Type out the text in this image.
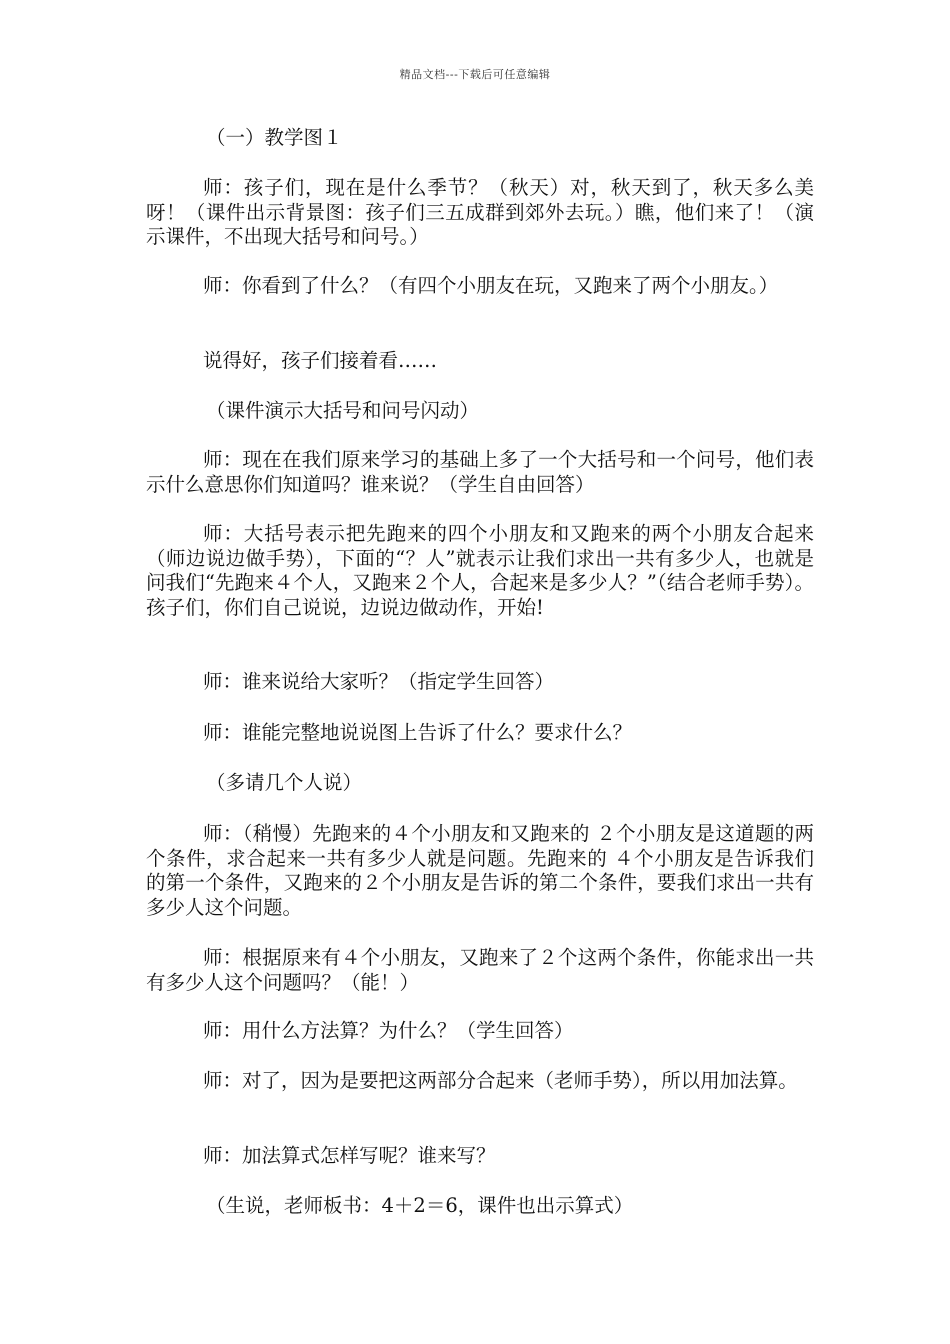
精品文档---下载后可任意编辑

（一）教学图１

师：孩子们，现在是什么季节？（秋天）对，秋天到了，秋天多么美呀！（课件出示背景图：孩子们三五成群到郊外去玩。）瞧，他们来了！（演示课件，不出现大括号和问号。）

师：你看到了什么？（有四个小朋友在玩，又跑来了两个小朋友。）

说得好，孩子们接着看……

（课件演示大括号和问号闪动）

师：现在在我们原来学习的基础上多了一个大括号和一个问号，他们表示什么意思你们知道吗？谁来说？（学生自由回答）

师：大括号表示把先跑来的四个小朋友和又跑来的两个小朋友合起来（师边说边做手势），下面的“？人”就表示让我们求出一共有多少人，也就是问我们“先跑来４个人，又跑来２个人，合起来是多少人？”（结合老师手势）。孩子们，你们自己说说，边说边做动作，开始!

师：谁来说给大家听？（指定学生回答）

师：谁能完整地说说图上告诉了什么？要求什么？

（多请几个人说）

师：（稍慢）先跑来的４个小朋友和又跑来的 ２个小朋友是这道题的两个条件，求合起来一共有多少人就是问题。先跑来的 ４个小朋友是告诉我们的第一个条件，又跑来的２个小朋友是告诉的第二个条件，要我们求出一共有多少人这个问题。

师：根据原来有４个小朋友，又跑来了２个这两个条件，你能求出一共有多少人这个问题吗？（能！）

师：用什么方法算？为什么？（学生回答）

师：对了，因为是要把这两部分合起来（老师手势），所以用加法算。

师：加法算式怎样写呢？谁来写？

（生说，老师板书：4＋2＝6，课件也出示算式）
